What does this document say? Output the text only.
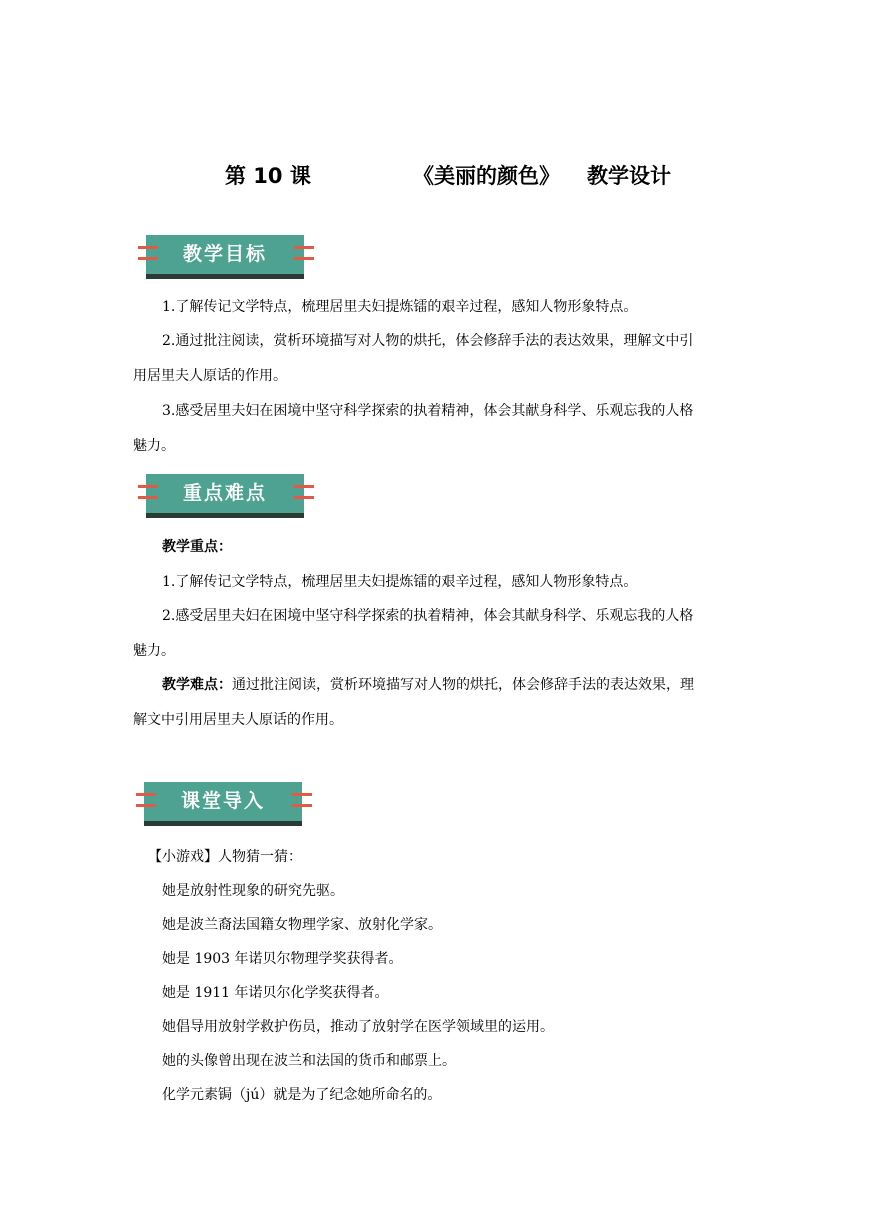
第 10 课	《美丽的颜色》 教学设计
教学目标
1.了解传记文学特点，梳理居里夫妇提炼镭的艰辛过程，感知人物形象特点。
2.通过批注阅读，赏析环境描写对人物的烘托，体会修辞手法的表达效果，理解文中引
用居里夫人原话的作用。
3.感受居里夫妇在困境中坚守科学探索的执着精神，体会其献身科学、乐观忘我的人格
魅力。
重点难点
教学重点：
1.了解传记文学特点，梳理居里夫妇提炼镭的艰辛过程，感知人物形象特点。
2.感受居里夫妇在困境中坚守科学探索的执着精神，体会其献身科学、乐观忘我的人格
魅力。
教学难点：通过批注阅读，赏析环境描写对人物的烘托，体会修辞手法的表达效果，理
解文中引用居里夫人原话的作用。
课堂导入
【小游戏】人物猜一猜：
她是放射性现象的研究先驱。
她是波兰裔法国籍女物理学家、放射化学家。
她是 1903 年诺贝尔物理学奖获得者。
她是 1911 年诺贝尔化学奖获得者。
她倡导用放射学救护伤员，推动了放射学在医学领域里的运用。
她的头像曾出现在波兰和法国的货币和邮票上。
化学元素锔（jú）就是为了纪念她所命名的。
